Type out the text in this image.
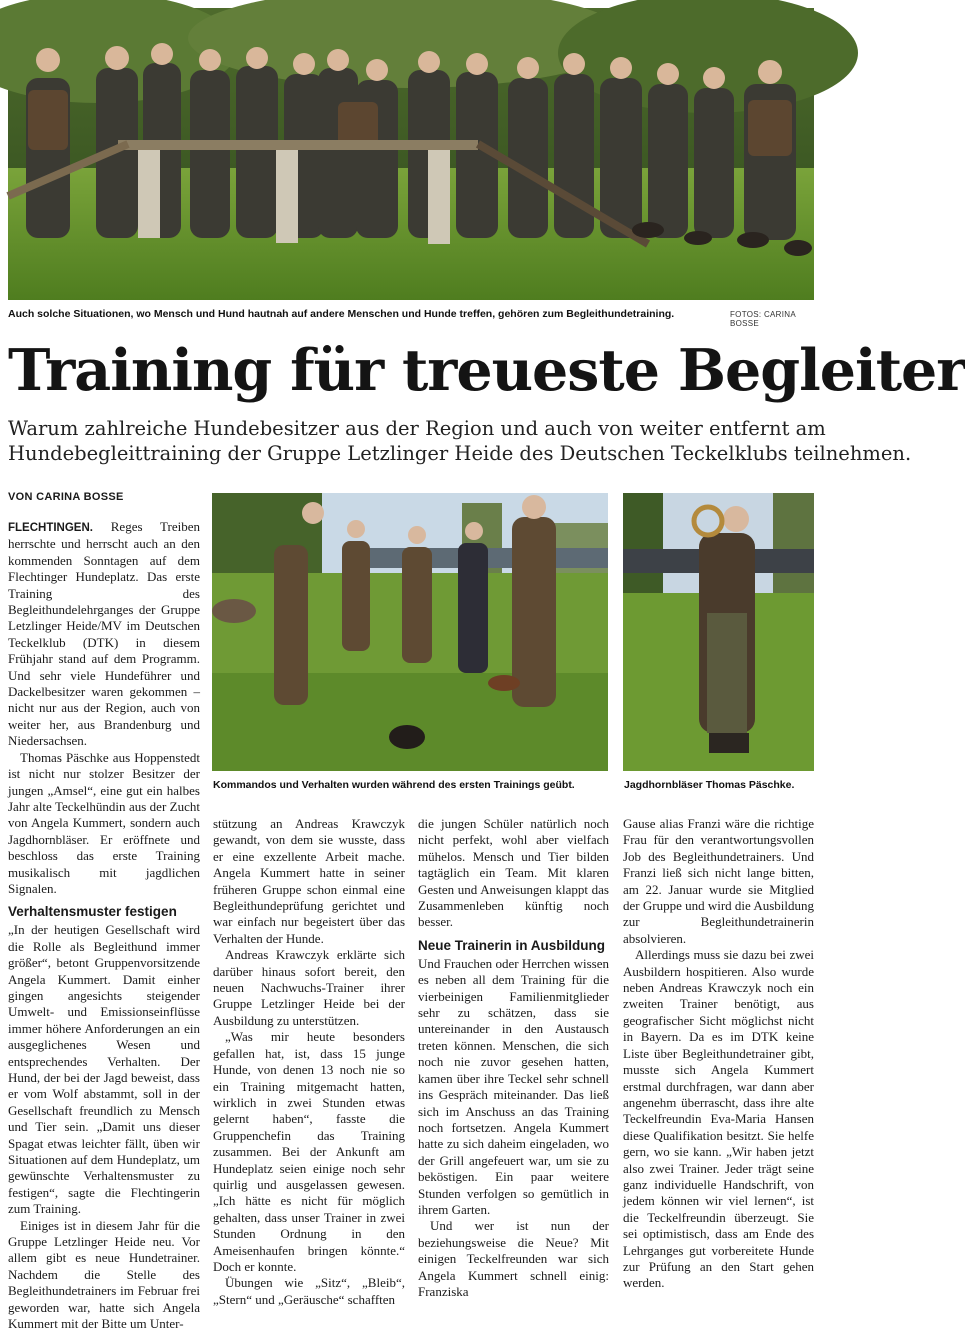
Auch solche Situationen, wo Mensch und Hund hautnah auf andere Menschen und Hunde treffen, gehören zum Begleithundetraining.	FOTOS: CARINA BOSSE
Training für treueste Begleiter
Warum zahlreiche Hundebesitzer aus der Region und auch von weiter entfernt am
Hundebegleittraining der Gruppe Letzlinger Heide des Deutschen Teckelklubs teilnehmen.
VON CARINA BOSSE
Kommandos und Verhalten wurden während des ersten Trainings geübt.	Jagdhornbläser Thomas Päschke.

FLECHTINGEN. Reges Treiben herrschte und herrscht auch an den kommenden Sonntagen auf dem Flechtinger Hundeplatz. Das erste Training des Begleithundelehrganges der Gruppe Letzlinger Heide/MV im Deutschen Teckelklub (DTK) in diesem Frühjahr stand auf dem Programm. Und sehr viele Hundeführer und Dackelbesitzer waren gekommen – nicht nur aus der Region, auch von weiter her, aus Brandenburg und Niedersachsen.

Thomas Päschke aus Hoppenstedt ist nicht nur stolzer Besitzer der jungen „Amsel“, eine gut ein halbes Jahr alte Teckelhündin aus der Zucht von Angela Kummert, sondern auch Jagdhornbläser. Er eröffnete und beschloss das erste Training musikalisch mit jagdlichen Signalen.

Verhaltensmuster festigen

„In der heutigen Gesellschaft wird die Rolle als Begleithund immer größer“, betont Gruppenvorsitzende Angela Kummert. Damit einher gingen angesichts steigender Umwelt- und Emissionseinflüsse immer höhere Anforderungen an ein ausgeglichenes Wesen und entsprechendes Verhalten. Der Hund, der bei der Jagd beweist, dass er vom Wolf abstammt, soll in der Gesellschaft freundlich zu Mensch und Tier sein. „Damit uns dieser Spagat etwas leichter fällt, üben wir Situationen auf dem Hundeplatz, um gewünschte Verhaltensmuster zu festigen“, sagte die Flechtingerin zum Training.

Einiges ist in diesem Jahr für die Gruppe Letzlinger Heide neu. Vor allem gibt es neue Hundetrainer. Nachdem die Stelle des Begleithundetrainers im Februar frei geworden war, hatte sich Angela Kummert mit der Bitte um Unter-

stützung an Andreas Krawczyk gewandt, von dem sie wusste, dass er eine exzellente Arbeit mache. Angela Kummert hatte in seiner früheren Gruppe schon einmal eine Begleithundeprüfung gerichtet und war einfach nur begeistert über das Verhalten der Hunde.

Andreas Krawczyk erklärte sich darüber hinaus sofort bereit, den neuen Nachwuchs-Trainer ihrer Gruppe Letzlinger Heide bei der Ausbildung zu unterstützen.

„Was mir heute besonders gefallen hat, ist, dass 15 junge Hunde, von denen 13 noch nie so ein Training mitgemacht hatten, wirklich in zwei Stunden etwas gelernt haben“, fasste die Gruppenchefin das Training zusammen. Bei der Ankunft am Hundeplatz seien einige noch sehr quirlig und ausgelassen gewesen. „Ich hätte es nicht für möglich gehalten, dass unser Trainer in zwei Stunden Ordnung in den Ameisenhaufen bringen könnte.“ Doch er konnte.

Übungen wie „Sitz“, „Bleib“, „Stern“ und „Geräusche“ schafften

die jungen Schüler natürlich noch nicht perfekt, wohl aber vielfach mühelos. Mensch und Tier bilden tagtäglich ein Team. Mit klaren Gesten und Anweisungen klappt das Zusammenleben künftig noch besser.

Neue Trainerin in Ausbildung

Und Frauchen oder Herrchen wissen es neben all dem Training für die vierbeinigen Familienmitglieder sehr zu schätzen, dass sie untereinander in den Austausch treten können. Menschen, die sich noch nie zuvor gesehen hatten, kamen über ihre Teckel sehr schnell ins Gespräch miteinander. Das ließ sich im Anschuss an das Training noch fortsetzen. Angela Kummert hatte zu sich daheim eingeladen, wo der Grill angefeuert war, um sie zu beköstigen. Ein paar weitere Stunden verfolgen so gemütlich in ihrem Garten.

Und wer ist nun der beziehungsweise die Neue? Mit einigen Teckelfreunden war sich Angela Kummert schnell einig: Franziska

Gause alias Franzi wäre die richtige Frau für den verantwortungsvollen Job des Begleithundetrainers. Und Franzi ließ sich nicht lange bitten, am 22. Januar wurde sie Mitglied der Gruppe und wird die Ausbildung zur Begleithundetrainerin absolvieren.

Allerdings muss sie dazu bei zwei Ausbildern hospitieren. Also wurde neben Andreas Krawczyk noch ein zweiten Trainer benötigt, aus geografischer Sicht möglichst nicht in Bayern. Da es im DTK keine Liste über Begleithundetrainer gibt, musste sich Angela Kummert erstmal durchfragen, war dann aber angenehm überrascht, dass ihre alte Teckelfreundin Eva-Maria Hansen diese Qualifikation besitzt. Sie helfe gern, wo sie kann. „Wir haben jetzt also zwei Trainer. Jeder trägt seine ganz individuelle Handschrift, von jedem können wir viel lernen“, ist die Teckelfreundin überzeugt. Sie sei optimistisch, dass am Ende des Lehrganges gut vorbereitete Hunde zur Prüfung an den Start gehen werden.
